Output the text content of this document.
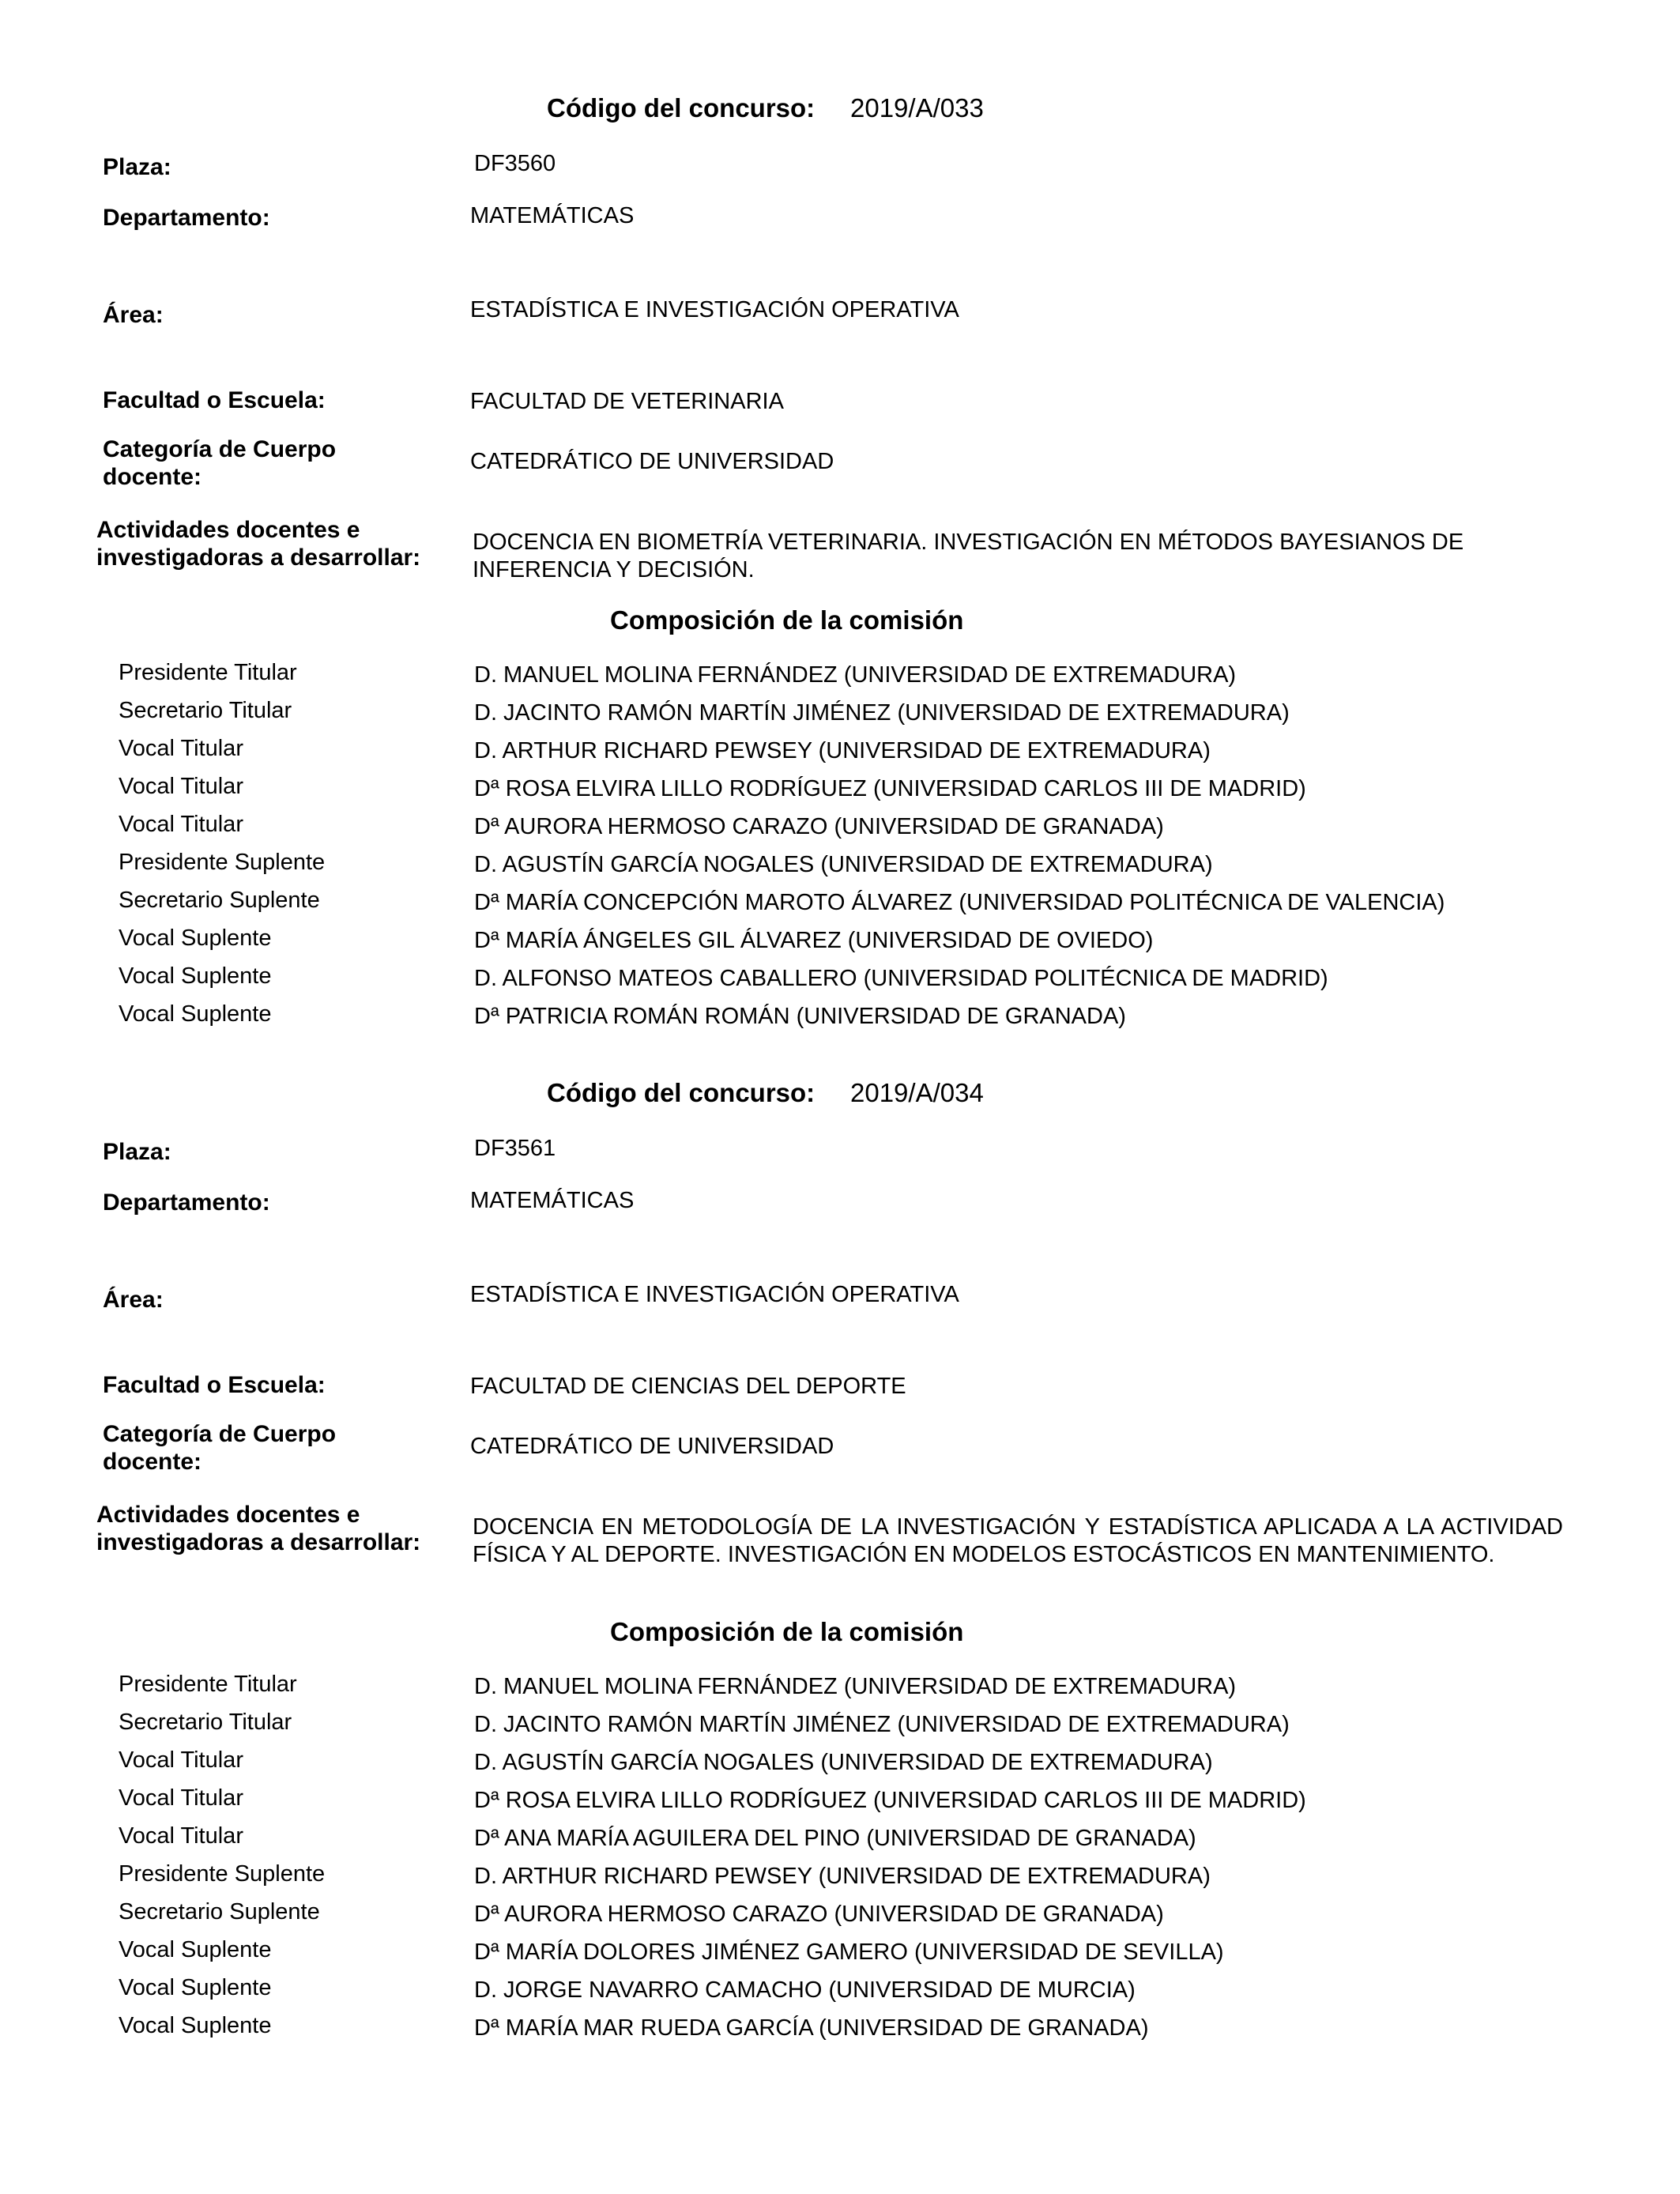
Código del concurso: 2019/A/033
Plaza:	DF3560
Departamento:	MATEMÁTICAS
Área:	ESTADÍSTICA E INVESTIGACIÓN OPERATIVA
Facultad o Escuela:	FACULTAD DE VETERINARIA
Categoría de Cuerpo docente:
CATEDRÁTICO DE UNIVERSIDAD
Actividades docentes e investigadoras a desarrollar:
DOCENCIA EN BIOMETRÍA VETERINARIA. INVESTIGACIÓN EN MÉTODOS BAYESIANOS DE INFERENCIA Y DECISIÓN.
Composición de la comisión
Presidente Titular	D. MANUEL MOLINA FERNÁNDEZ (UNIVERSIDAD DE EXTREMADURA)
Secretario Titular	D. JACINTO RAMÓN MARTÍN JIMÉNEZ (UNIVERSIDAD DE EXTREMADURA)
Vocal Titular	D. ARTHUR RICHARD PEWSEY (UNIVERSIDAD DE EXTREMADURA)
Vocal Titular	Dª ROSA ELVIRA LILLO RODRÍGUEZ (UNIVERSIDAD CARLOS III DE MADRID)
Vocal Titular	Dª AURORA HERMOSO CARAZO (UNIVERSIDAD DE GRANADA)
Presidente Suplente	D. AGUSTÍN GARCÍA NOGALES (UNIVERSIDAD DE EXTREMADURA)
Secretario Suplente	Dª MARÍA CONCEPCIÓN MAROTO ÁLVAREZ (UNIVERSIDAD POLITÉCNICA DE VALENCIA)
Vocal Suplente	Dª MARÍA ÁNGELES GIL ÁLVAREZ (UNIVERSIDAD DE OVIEDO)
Vocal Suplente	D. ALFONSO MATEOS CABALLERO (UNIVERSIDAD POLITÉCNICA DE MADRID)
Vocal Suplente	Dª PATRICIA ROMÁN ROMÁN (UNIVERSIDAD DE GRANADA)
Código del concurso: 2019/A/034
Plaza:	DF3561
Departamento:	MATEMÁTICAS
Área:	ESTADÍSTICA E INVESTIGACIÓN OPERATIVA
Facultad o Escuela:	FACULTAD DE CIENCIAS DEL DEPORTE
Categoría de Cuerpo docente:
CATEDRÁTICO DE UNIVERSIDAD
Actividades docentes e investigadoras a desarrollar:
DOCENCIA EN METODOLOGÍA DE LA INVESTIGACIÓN Y ESTADÍSTICA APLICADA A LA ACTIVIDAD FÍSICA Y AL DEPORTE. INVESTIGACIÓN EN MODELOS ESTOCÁSTICOS EN MANTENIMIENTO.
Composición de la comisión
Presidente Titular	D. MANUEL MOLINA FERNÁNDEZ (UNIVERSIDAD DE EXTREMADURA)
Secretario Titular	D. JACINTO RAMÓN MARTÍN JIMÉNEZ (UNIVERSIDAD DE EXTREMADURA)
Vocal Titular	D. AGUSTÍN GARCÍA NOGALES (UNIVERSIDAD DE EXTREMADURA)
Vocal Titular	Dª ROSA ELVIRA LILLO RODRÍGUEZ (UNIVERSIDAD CARLOS III DE MADRID)
Vocal Titular	Dª ANA MARÍA AGUILERA DEL PINO (UNIVERSIDAD DE GRANADA)
Presidente Suplente	D. ARTHUR RICHARD PEWSEY (UNIVERSIDAD DE EXTREMADURA)
Secretario Suplente	Dª AURORA HERMOSO CARAZO (UNIVERSIDAD DE GRANADA)
Vocal Suplente	Dª MARÍA DOLORES JIMÉNEZ GAMERO (UNIVERSIDAD DE SEVILLA)
Vocal Suplente	D. JORGE NAVARRO CAMACHO (UNIVERSIDAD DE MURCIA)
Vocal Suplente	Dª MARÍA MAR RUEDA GARCÍA (UNIVERSIDAD DE GRANADA)
